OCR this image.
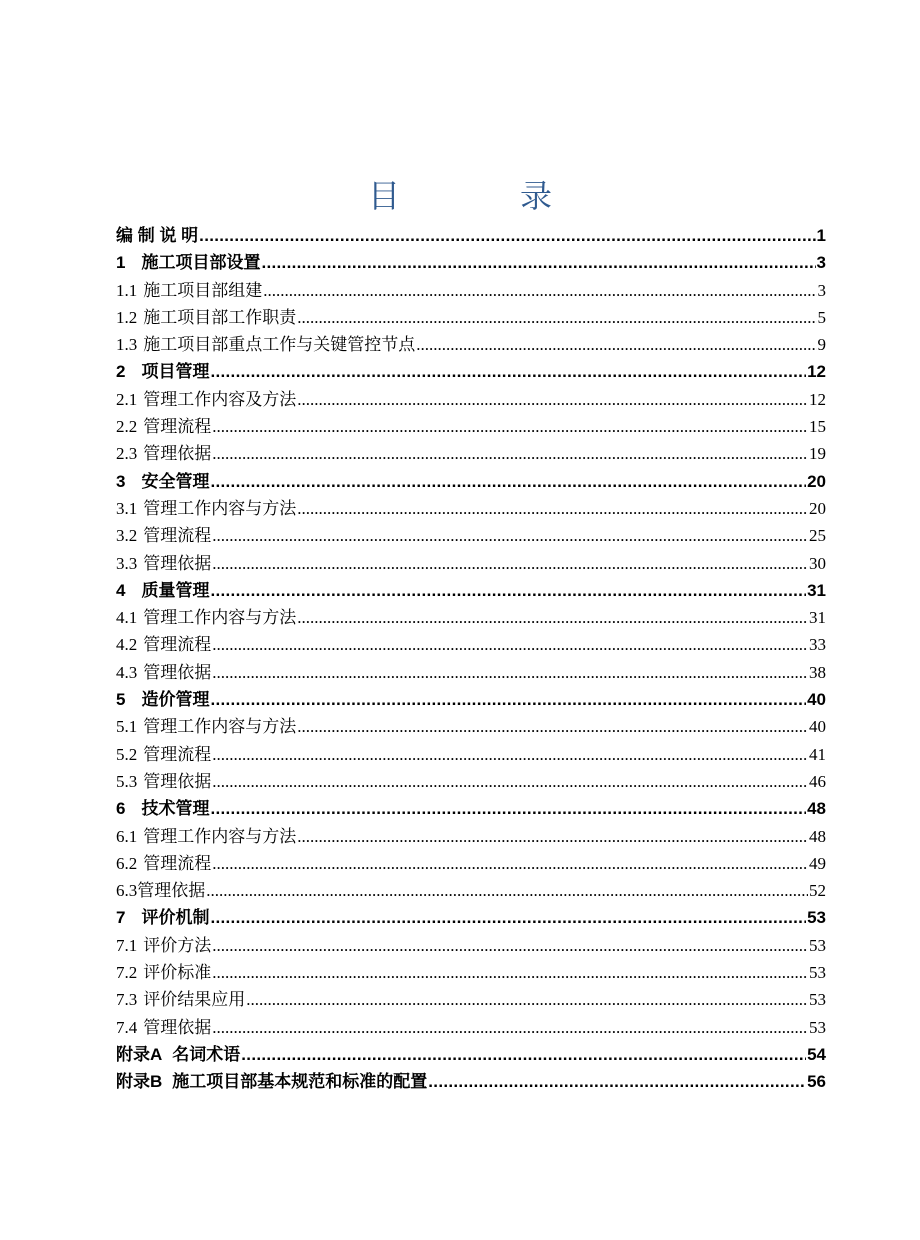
目　录
编 制 说 明 .....	1
1 施工项目部设置 .....	3
1.1 施工项目部组建 .....	3
1.2 施工项目部工作职责 .....	5
1.3 施工项目部重点工作与关键管控节点 .....	9
2 项目管理 .....	12
2.1 管理工作内容及方法 .....	12
2.2 管理流程 .....	15
2.3 管理依据 .....	19
3 安全管理 .....	20
3.1 管理工作内容与方法 .....	20
3.2 管理流程 .....	25
3.3 管理依据 .....	30
4 质量管理 .....	31
4.1 管理工作内容与方法 .....	31
4.2 管理流程 .....	33
4.3 管理依据 .....	38
5 造价管理 .....	40
5.1 管理工作内容与方法 .....	40
5.2 管理流程 .....	41
5.3 管理依据 .....	46
6 技术管理 .....	48
6.1 管理工作内容与方法 .....	48
6.2 管理流程 .....	49
6.3管理依据 .....	52
7 评价机制 .....	53
7.1 评价方法 .....	53
7.2 评价标准 .....	53
7.3 评价结果应用 .....	53
7.4 管理依据 .....	53
附录A 名词术语 .....	54
附录B 施工项目部基本规范和标准的配置 .....	56
